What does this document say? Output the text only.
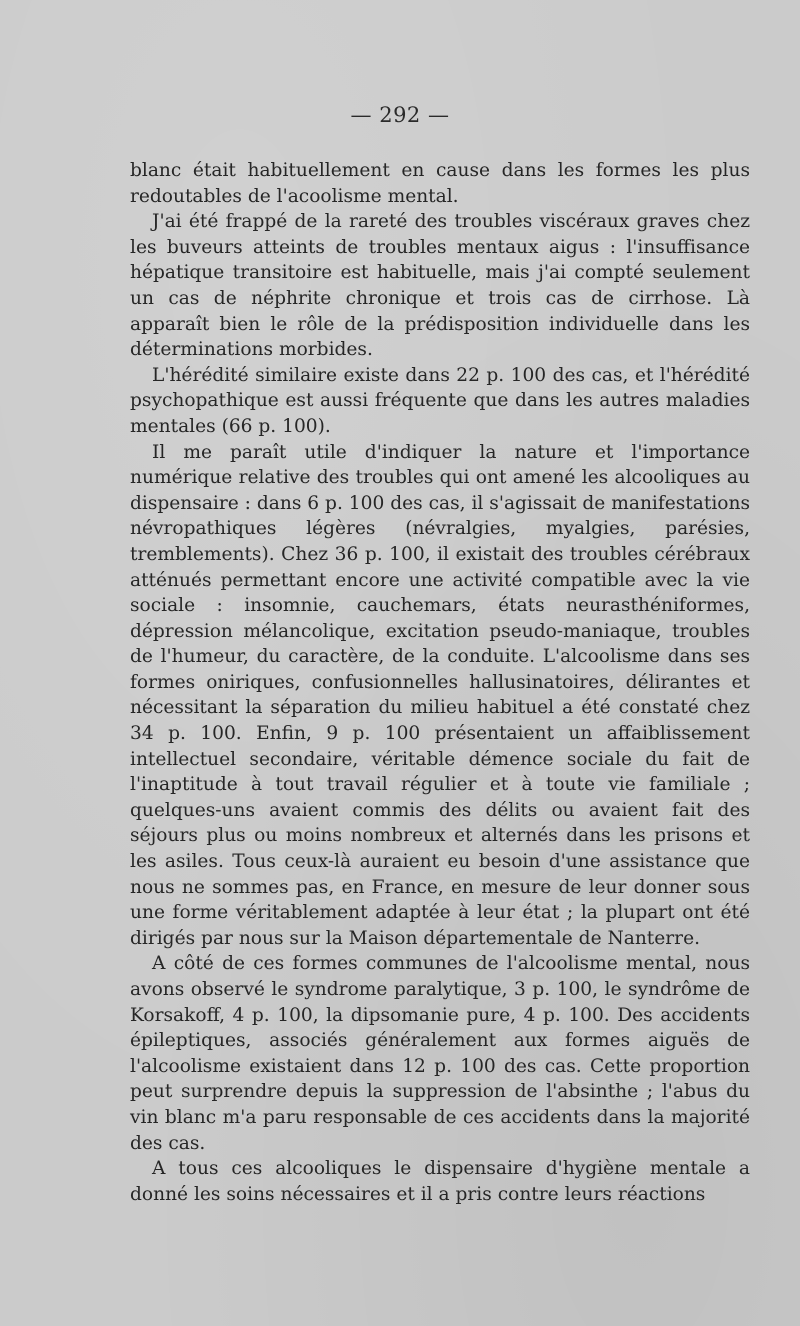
— 292 —

blanc était habituellement en cause dans les formes les plus redoutables de l'acoolisme mental.

J'ai été frappé de la rareté des troubles viscéraux graves chez les buveurs atteints de troubles mentaux aigus : l'insuffisance hépatique transitoire est habituelle, mais j'ai compté seulement un cas de néphrite chronique et trois cas de cirrhose. Là apparaît bien le rôle de la prédisposition individuelle dans les déterminations morbides.

L'hérédité similaire existe dans 22 p. 100 des cas, et l'hérédité psychopathique est aussi fréquente que dans les autres maladies mentales (66 p. 100).

Il me paraît utile d'indiquer la nature et l'importance numérique relative des troubles qui ont amené les alcooliques au dispensaire : dans 6 p. 100 des cas, il s'agissait de manifestations névropathiques légères (névralgies, myalgies, parésies, tremblements). Chez 36 p. 100, il existait des troubles cérébraux atténués permettant encore une activité compatible avec la vie sociale : insomnie, cauchemars, états neurasthéniformes, dépression mélancolique, excitation pseudo-maniaque, troubles de l'humeur, du caractère, de la conduite. L'alcoolisme dans ses formes oniriques, confusionnelles hallusinatoires, délirantes et nécessitant la séparation du milieu habituel a été constaté chez 34 p. 100. Enfin, 9 p. 100 présentaient un affaiblissement intellectuel secondaire, véritable démence sociale du fait de l'inaptitude à tout travail régulier et à toute vie familiale ; quelques-uns avaient commis des délits ou avaient fait des séjours plus ou moins nombreux et alternés dans les prisons et les asiles. Tous ceux-là auraient eu besoin d'une assistance que nous ne sommes pas, en France, en mesure de leur donner sous une forme véritablement adaptée à leur état ; la plupart ont été dirigés par nous sur la Maison départementale de Nanterre.

A côté de ces formes communes de l'alcoolisme mental, nous avons observé le syndrome paralytique, 3 p. 100, le syndrôme de Korsakoff, 4 p. 100, la dipsomanie pure, 4 p. 100. Des accidents épileptiques, associés généralement aux formes aiguës de l'alcoolisme existaient dans 12 p. 100 des cas. Cette proportion peut surprendre depuis la suppression de l'absinthe ; l'abus du vin blanc m'a paru responsable de ces accidents dans la majorité des cas.

A tous ces alcooliques le dispensaire d'hygiène mentale a donné les soins nécessaires et il a pris contre leurs réactions
